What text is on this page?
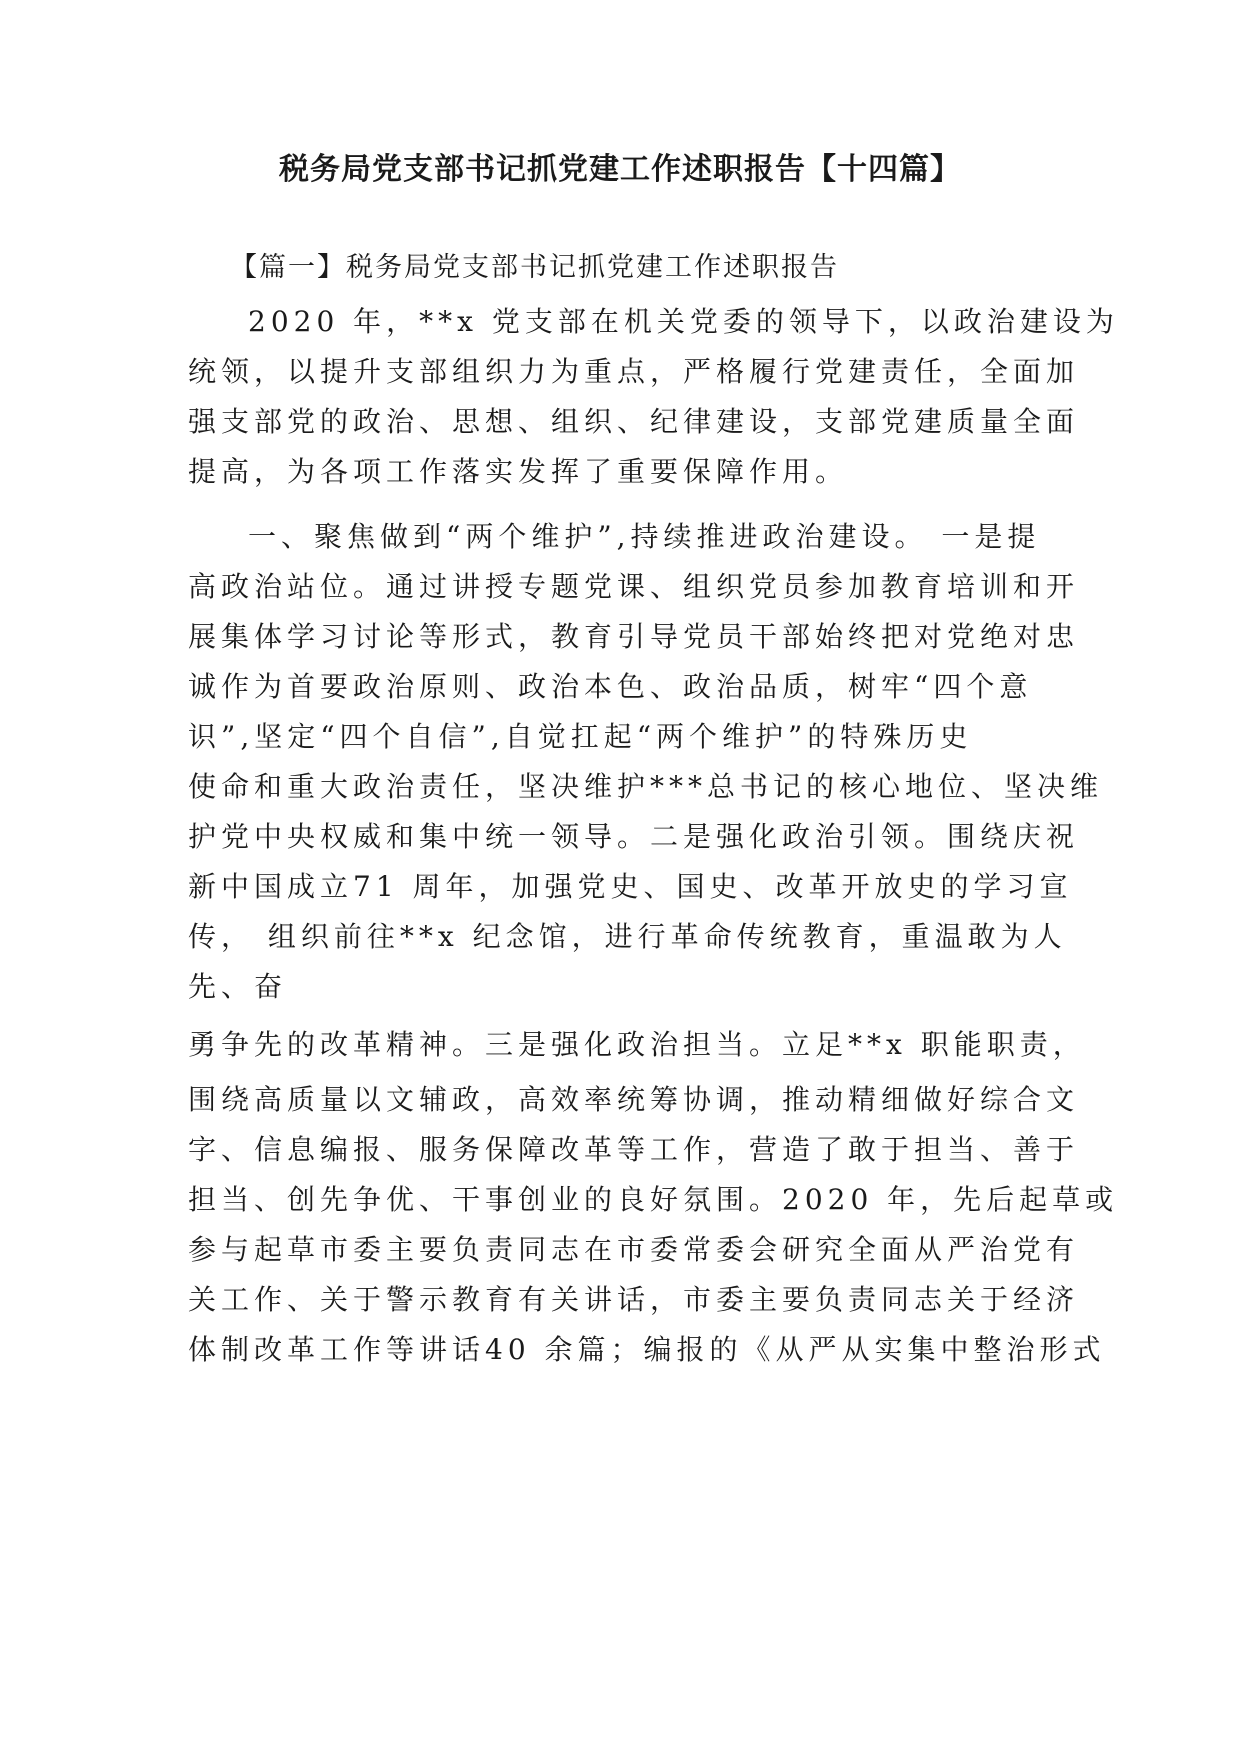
税务局党支部书记抓党建工作述职报告【十四篇】
【篇一】税务局党支部书记抓党建工作述职报告
2020 年，**x 党支部在机关党委的领导下，以政治建设为
统领，以提升支部组织力为重点，严格履行党建责任，全面加
强支部党的政治、思想、组织、纪律建设，支部党建质量全面
提高，为各项工作落实发挥了重要保障作用。
一、聚焦做到“两个维护”,持续推进政治建设。 一是提
高政治站位。通过讲授专题党课、组织党员参加教育培训和开
展集体学习讨论等形式，教育引导党员干部始终把对党绝对忠
诚作为首要政治原则、政治本色、政治品质，树牢“四个意
识”,坚定“四个自信”,自觉扛起“两个维护”的特殊历史
使命和重大政治责任，坚决维护***总书记的核心地位、坚决维
护党中央权威和集中统一领导。二是强化政治引领。围绕庆祝
新中国成立71 周年，加强党史、国史、改革开放史的学习宣
传， 组织前往**x 纪念馆，进行革命传统教育，重温敢为人
先、奋
勇争先的改革精神。三是强化政治担当。立足**x 职能职责，
围绕高质量以文辅政，高效率统筹协调，推动精细做好综合文
字、信息编报、服务保障改革等工作，营造了敢于担当、善于
担当、创先争优、干事创业的良好氛围。2020 年，先后起草或
参与起草市委主要负责同志在市委常委会研究全面从严治党有
关工作、关于警示教育有关讲话，市委主要负责同志关于经济
体制改革工作等讲话40 余篇；编报的《从严从实集中整治形式
